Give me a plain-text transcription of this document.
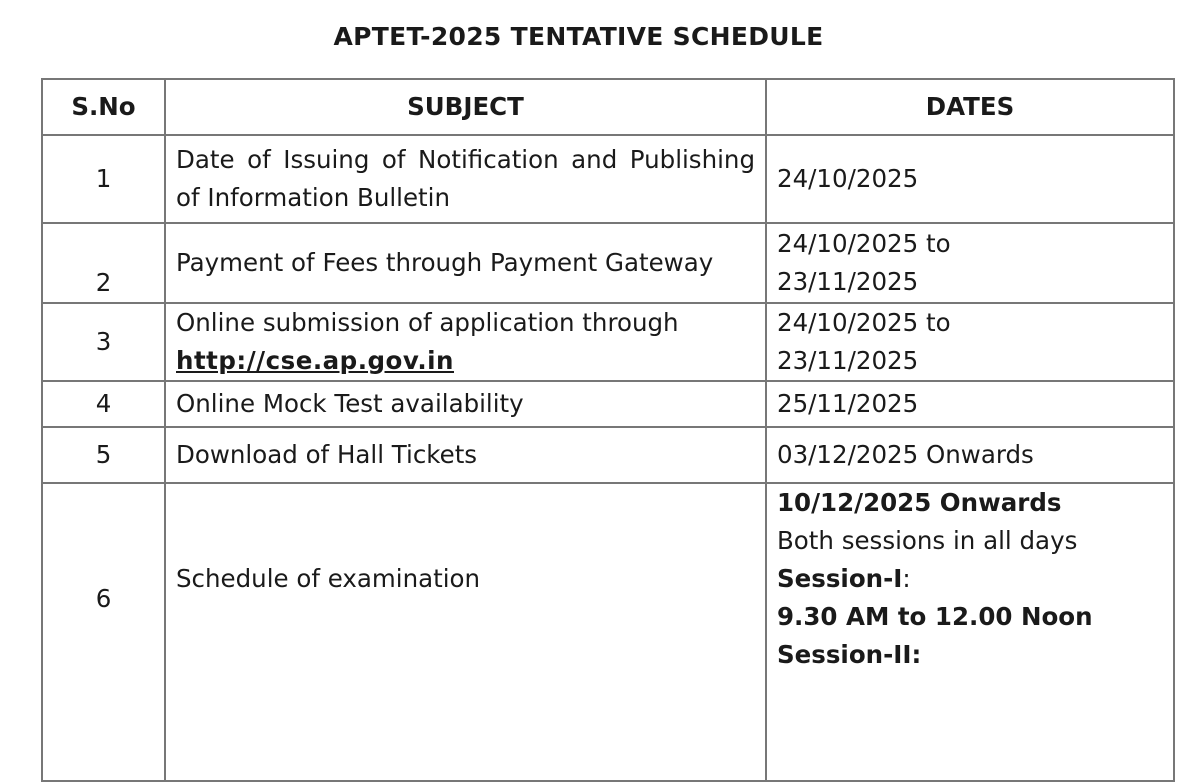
APTET-2025 TENTATIVE SCHEDULE
S.No	SUBJECT	DATES
1	Date of Issuing of Notification and Publishing of Information Bulletin	24/10/2025
2	Payment of Fees through Payment Gateway	24/10/2025 to
23/11/2025

3	Online submission of application through
http://cse.ap.gov.in	24/10/2025 to
23/11/2025

4	Online Mock Test availability	25/11/2025
5	Download of Hall Tickets	03/12/2025 Onwards
6	Schedule of examination	10/12/2025 Onwards
Both sessions in all days
Session-I:
9.30 AM to 12.00 Noon
Session-II:
